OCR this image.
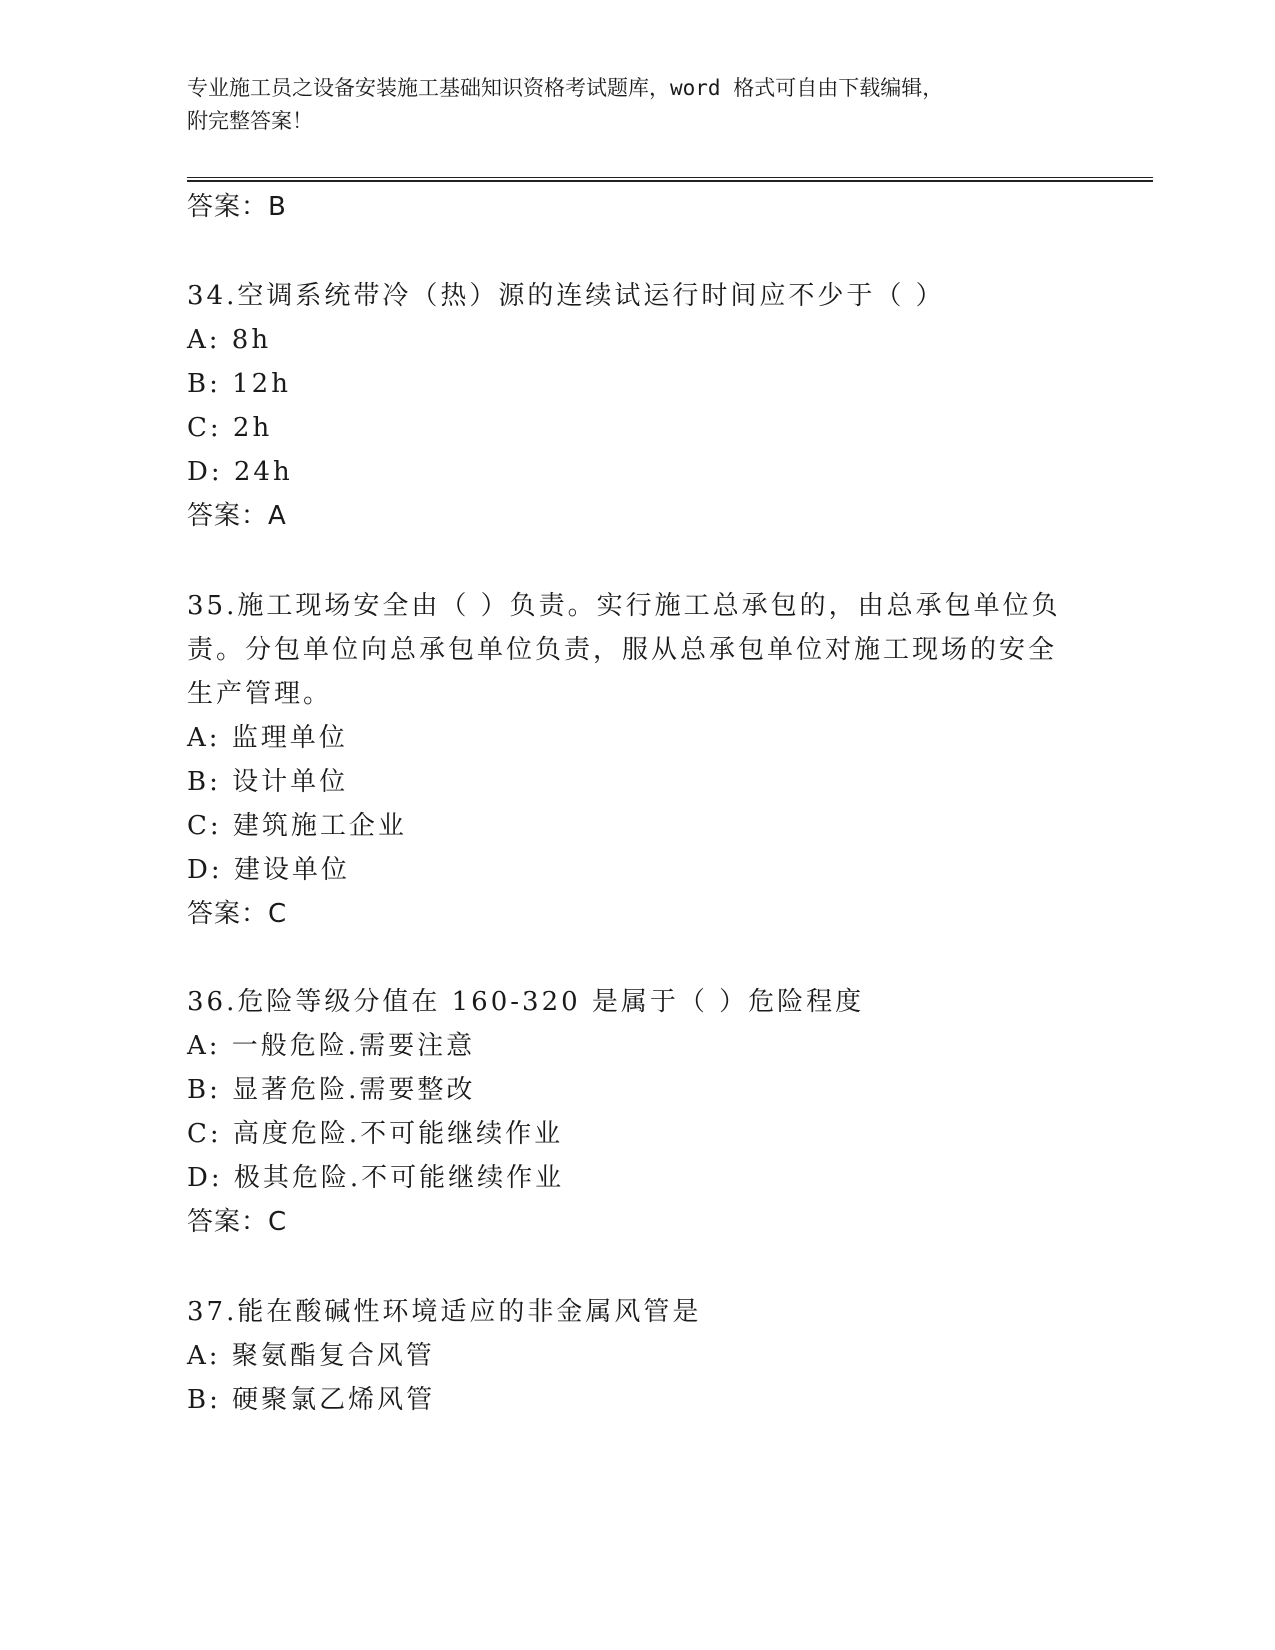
专业施工员之设备安装施工基础知识资格考试题库，word 格式可自由下载编辑，
附完整答案！
答案：B
34.空调系统带冷（热）源的连续试运行时间应不少于（ ）
A: 8h
B: 12h
C: 2h
D: 24h
答案：A
35.施工现场安全由（ ）负责。实行施工总承包的，由总承包单位负
责。分包单位向总承包单位负责，服从总承包单位对施工现场的安全
生产管理。
A: 监理单位
B: 设计单位
C: 建筑施工企业
D: 建设单位
答案：C
36.危险等级分值在 160-320 是属于（ ）危险程度
A: 一般危险.需要注意
B: 显著危险.需要整改
C: 高度危险.不可能继续作业
D: 极其危险.不可能继续作业
答案：C
37.能在酸碱性环境适应的非金属风管是
A: 聚氨酯复合风管
B: 硬聚氯乙烯风管
